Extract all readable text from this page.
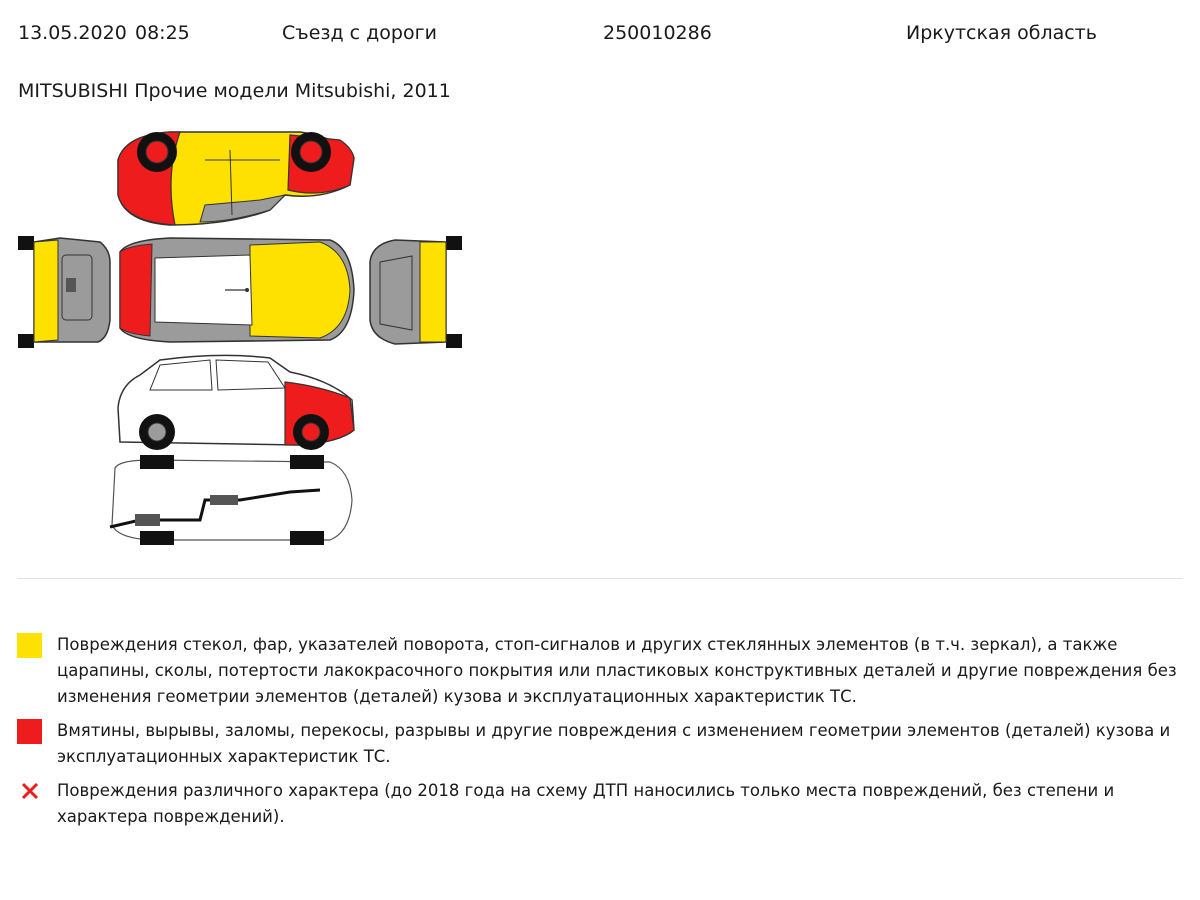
13.05.2020 08:25	Съезд с дороги	250010286	Иркутская область
MITSUBISHI Прочие модели Mitsubishi, 2011
Повреждения стекол, фар, указателей поворота, стоп-сигналов и других стеклянных элементов (в т.ч. зеркал), а также царапины, сколы, потертости лакокрасочного покрытия или пластиковых конструктивных деталей и другие повреждения без изменения геометрии элементов (деталей) кузова и эксплуатационных характеристик ТС.
Вмятины, вырывы, заломы, перекосы, разрывы и другие повреждения с изменением геометрии элементов (деталей) кузова и эксплуатационных характеристик ТС.
Повреждения различного характера (до 2018 года на схему ДТП наносились только места повреждений, без степени и характера повреждений).
